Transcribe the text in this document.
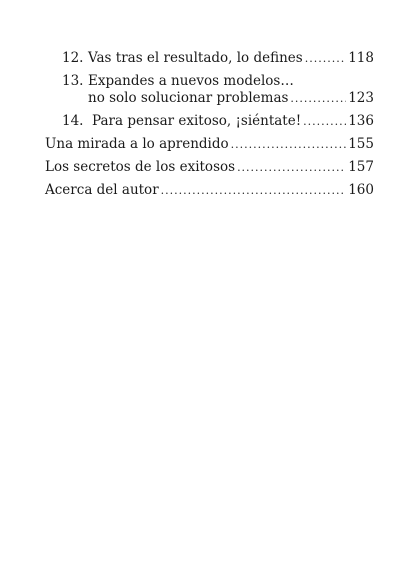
12. Vas tras el resultado, lo defines .....	118
13. Expandes a nuevos modelos…
no solo solucionar problemas .....	123
14. Para pensar exitoso, ¡siéntate! .....	136
Una mirada a lo aprendido .....	155
Los secretos de los exitosos .....	157
Acerca del autor .....	160
